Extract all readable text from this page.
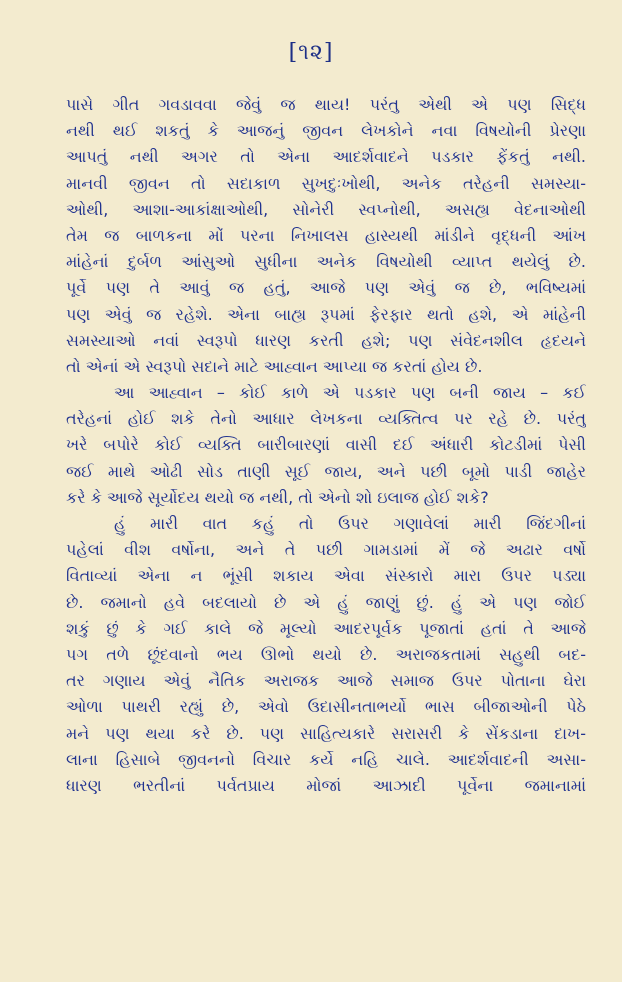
[૧૨]
પાસે ગીત ગવડાવવા જેવું જ થાય! પરંતુ એથી એ પણ સિદ્ધ
નથી થઈ શકતું કે આજનું જીવન લેખકોને નવા વિષયોની પ્રેરણા
આપતું નથી અગર તો એના આદર્શવાદને પડકાર ફેંકતું નથી.
માનવી જીવન તો સદાકાળ સુખદુઃખોથી, અનેક તરેહની સમસ્યા-
ઓથી, આશા-આકાંક્ષાઓથી, સોનેરી સ્વપ્નોથી, અસહ્ય વેદનાઓથી
તેમ જ બાળકના મોં પરના નિખાલસ હાસ્યથી માંડીને વૃદ્ધની આંખ
માંહેનાં દુર્બળ આંસુઓ સુધીના અનેક વિષયોથી વ્યાપ્ત થયેલું છે.
પૂર્વે પણ તે આવું જ હતું, આજે પણ એવું જ છે, ભવિષ્યમાં
પણ એવું જ રહેશે. એના બાહ્ય રૂપમાં ફેરફાર થતો હશે, એ માંહેની
સમસ્યાઓ નવાં સ્વરૂપો ધારણ કરતી હશે; પણ સંવેદનશીલ હૃદયને
તો એનાં એ સ્વરૂપો સદાને માટે આહ્વાન આપ્યા જ કરતાં હોય છે.
આ આહ્વાન – કોઈ કાળે એ પડકાર પણ બની જાય – કઈ
તરેહનાં હોઈ શકે તેનો આધાર લેખકના વ્યક્તિત્વ પર રહે છે. પરંતુ
ખરે બપોરે કોઈ વ્યક્તિ બારીબારણાં વાસી દઈ અંધારી કોટડીમાં પેસી
જઈ માથે ઓઢી સોડ તાણી સૂઈ જાય, અને પછી બૂમો પાડી જાહેર
કરે કે આજે સૂર્યોદય થયો જ નથી, તો એનો શો ઇલાજ હોઈ શકે?
હું મારી વાત કહું તો ઉપર ગણાવેલાં મારી જિંદગીનાં
પહેલાં વીશ વર્ષોના, અને તે પછી ગામડામાં મેં જે અઢાર વર્ષો
વિતાવ્યાં એના ન ભૂંસી શકાય એવા સંસ્કારો મારા ઉપર પડ્યા
છે. જમાનો હવે બદલાયો છે એ હું જાણું છું. હું એ પણ જોઈ
શકું છું કે ગઈ કાલે જે મૂલ્યો આદરપૂર્વક પૂજાતાં હતાં તે આજે
પગ તળે છૂંદવાનો ભય ઊભો થયો છે. અરાજકતામાં સહુથી બદ-
તર ગણાય એવું નૈતિક અરાજક આજે સમાજ ઉપર પોતાના ઘેરા
ઓળા પાથરી રહ્યું છે, એવો ઉદાસીનતાભર્યો ભાસ બીજાઓની પેઠે
મને પણ થયા કરે છે. પણ સાહિત્યકારે સરાસરી કે સેંકડાના દાખ-
લાના હિસાબે જીવનનો વિચાર કર્યે નહિ ચાલે. આદર્શવાદની અસા-
ધારણ ભરતીનાં પર્વતપ્રાય મોજાં આઝાદી પૂર્વેના જમાનામાં
